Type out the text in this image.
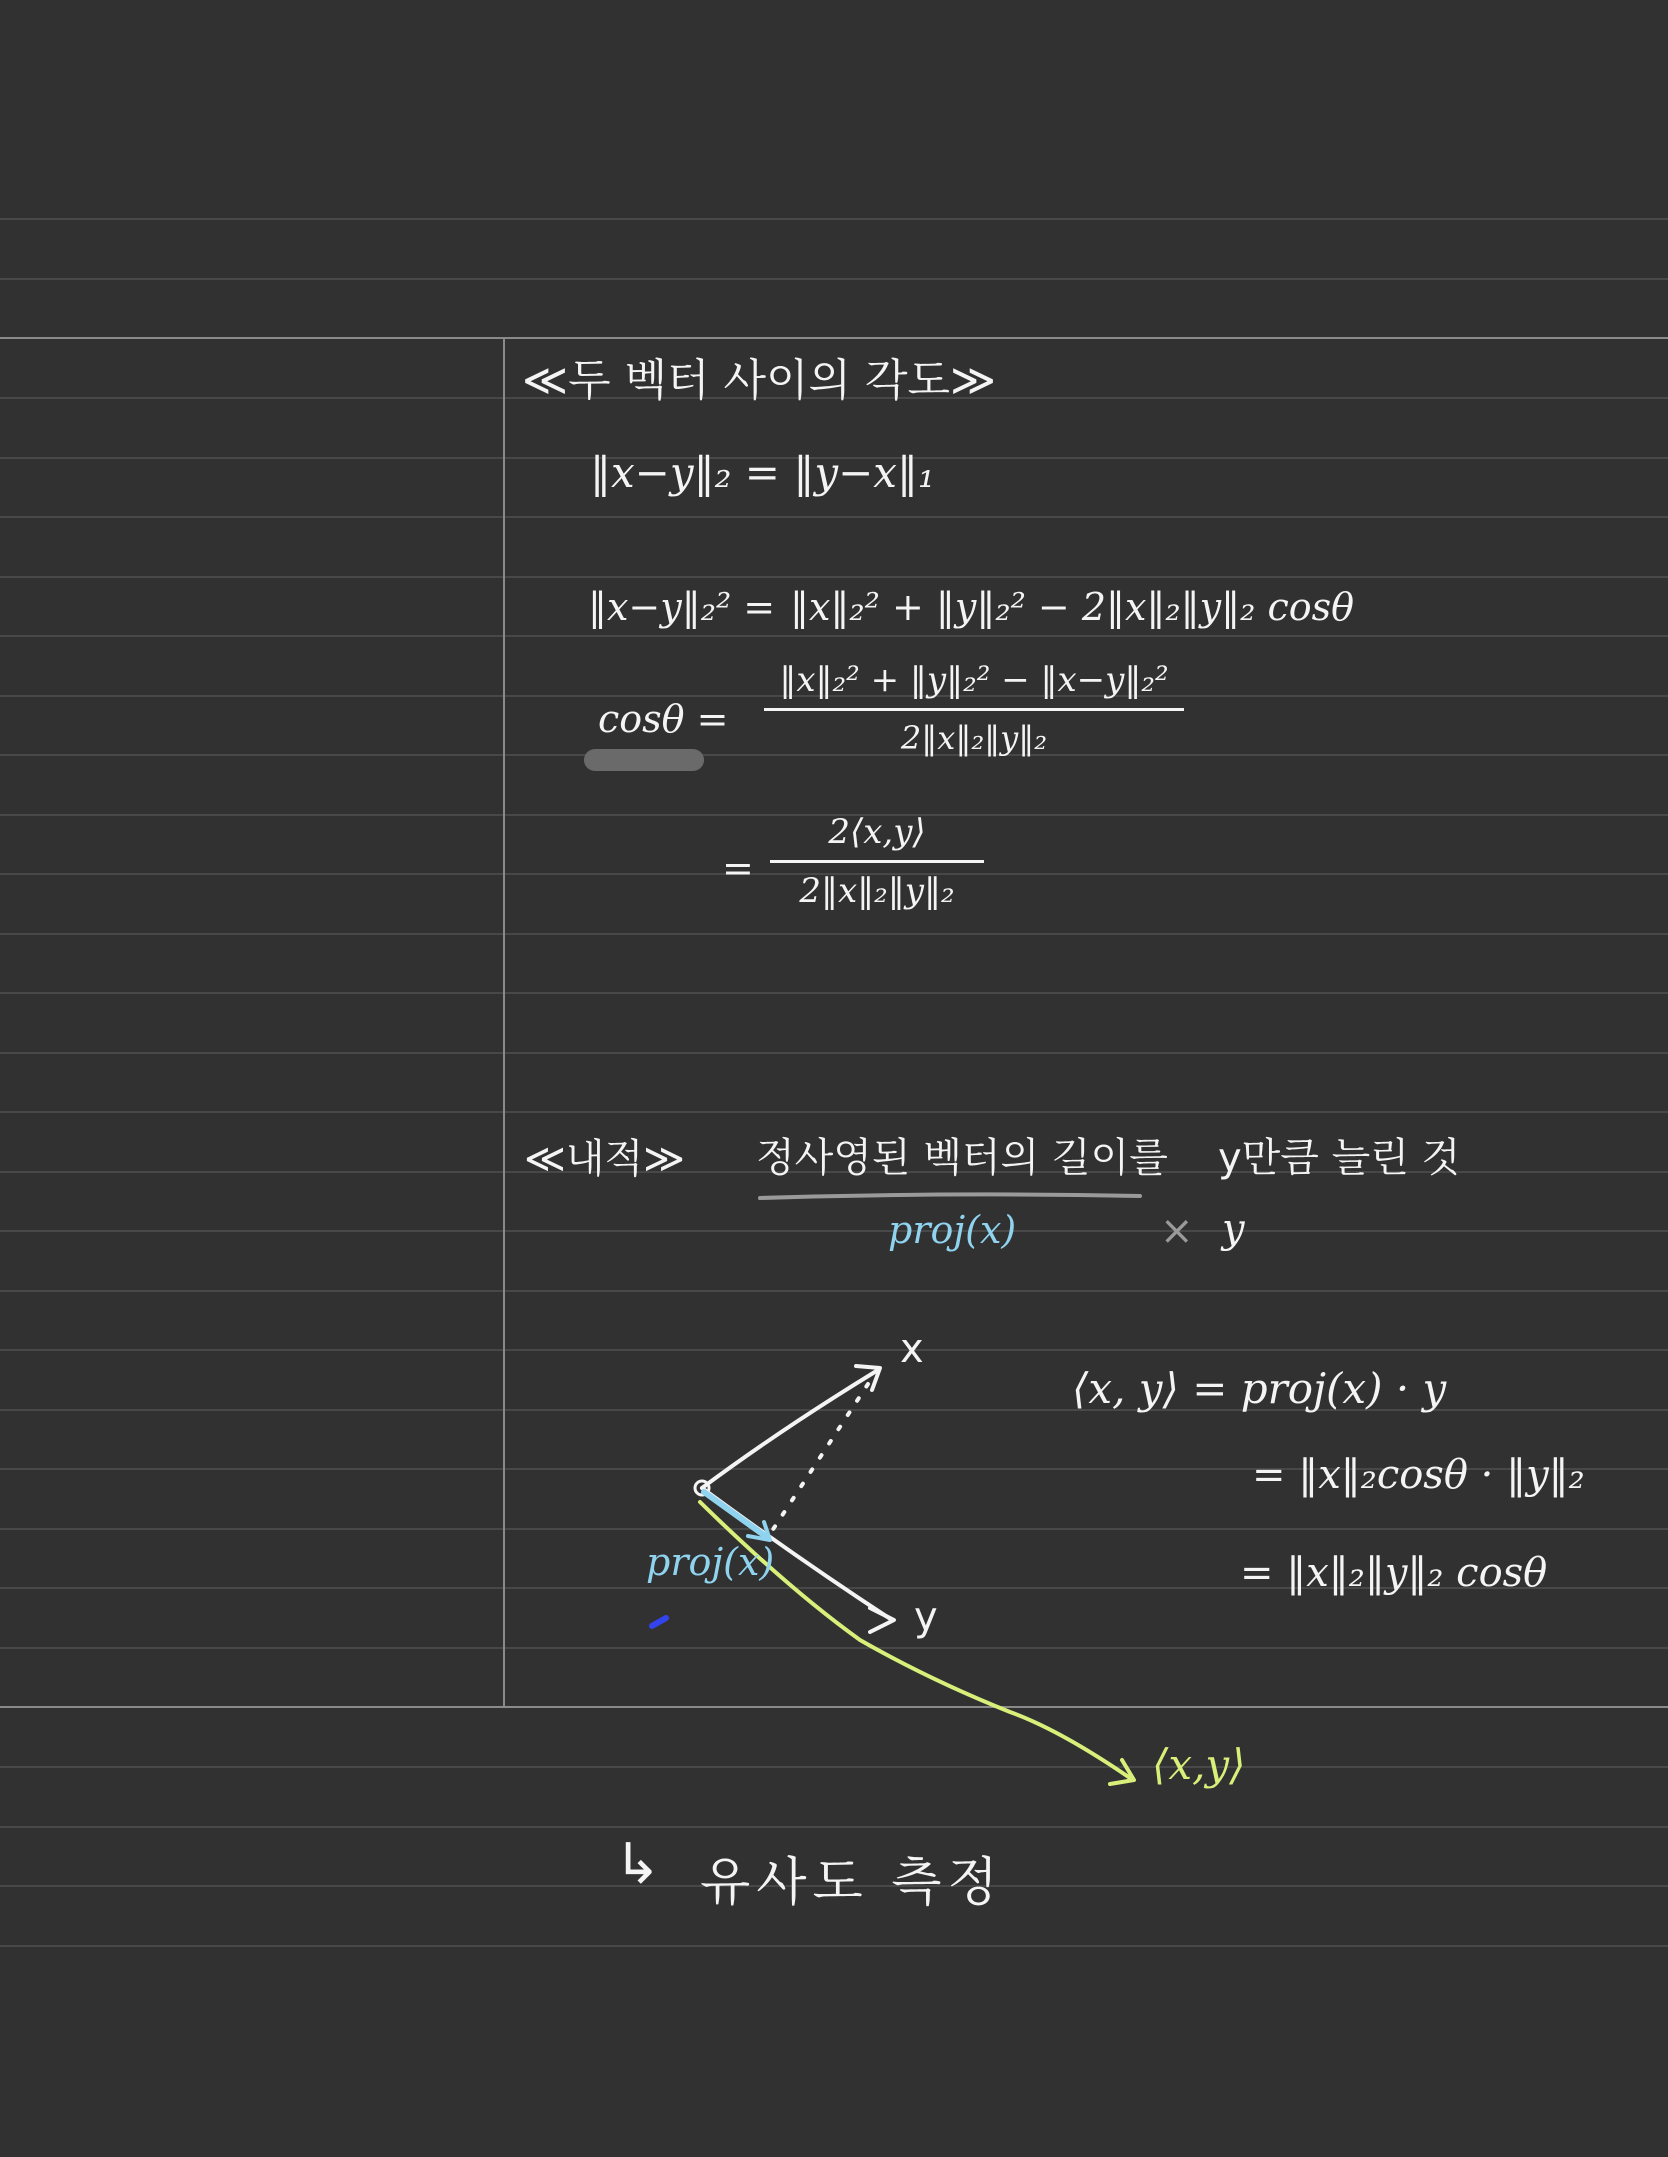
≪두 벡터 사이의 각도≫
‖x−y‖₂ = ‖y−x‖₁
‖x−y‖₂² = ‖x‖₂² + ‖y‖₂² − 2‖x‖₂‖y‖₂ cosθ
cosθ =
‖x‖₂² + ‖y‖₂² − ‖x−y‖₂²
2‖x‖₂‖y‖₂
=
2⟨x,y⟩
2‖x‖₂‖y‖₂
≪내적≫ 정사영된 벡터의 길이를 y만큼 늘린 것
proj(x)	× y
⟨x, y⟩ = proj(x) · y
= ‖x‖₂cosθ · ‖y‖₂
= ‖x‖₂‖y‖₂ cosθ
x
y
proj(x)
⟨x,y⟩
↳ 유사도 측정
